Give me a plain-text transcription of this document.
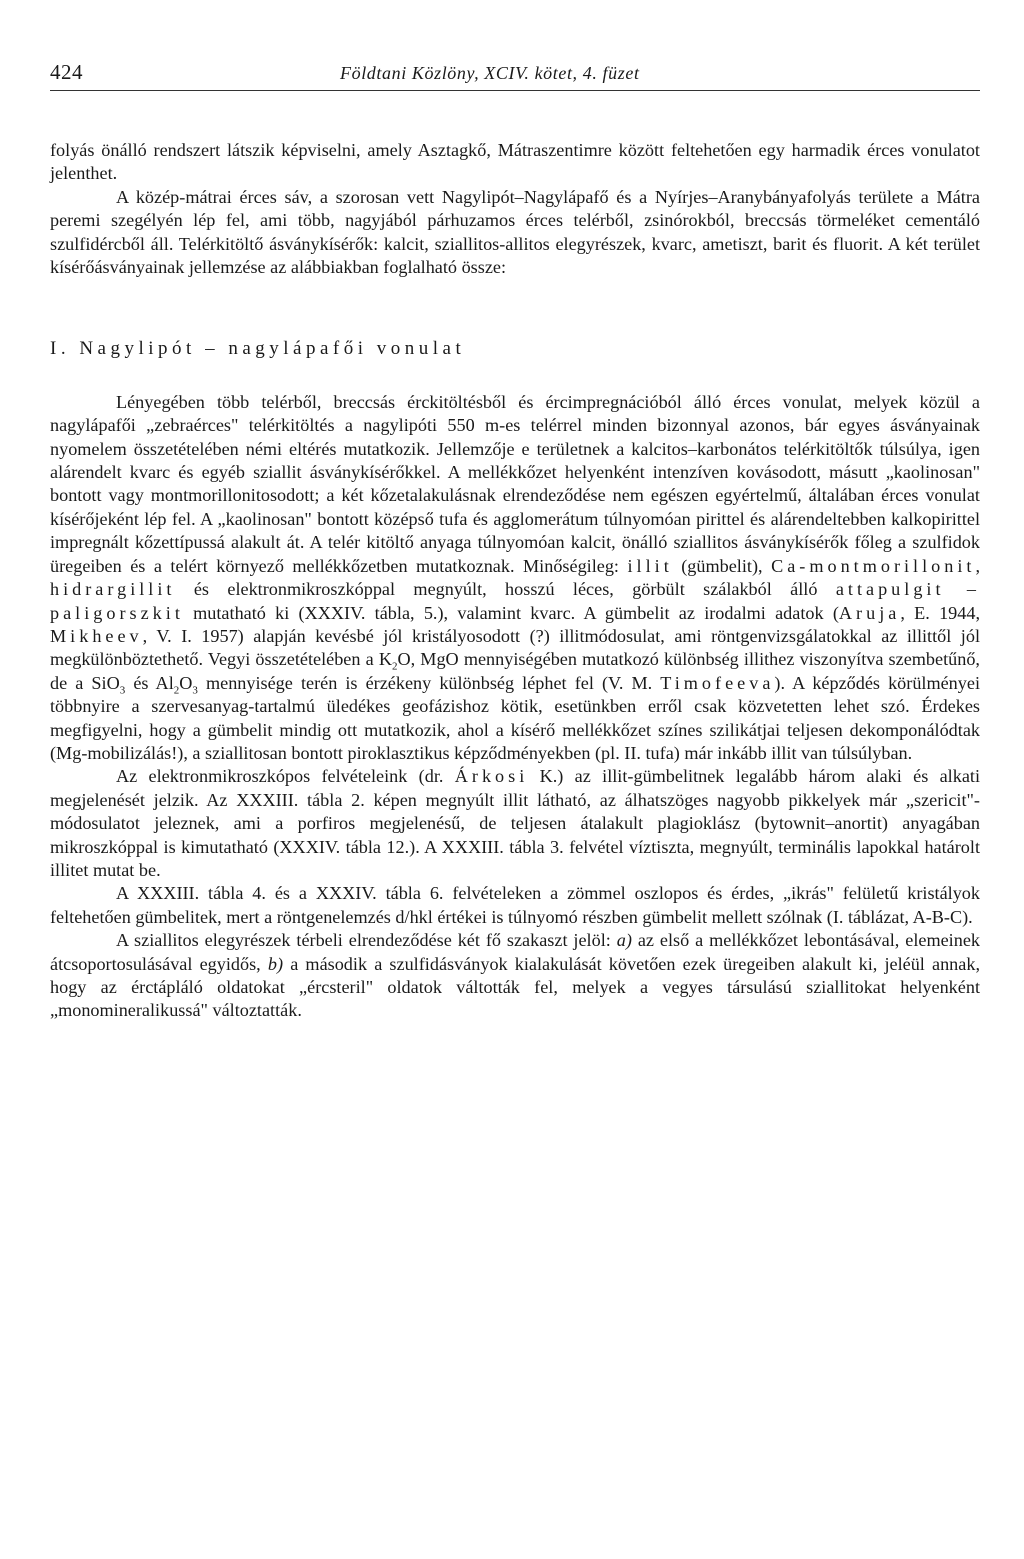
424	Földtani Közlöny, XCIV. kötet, 4. füzet

folyás önálló rendszert látszik képviselni, amely Asztagkő, Mátraszentimre között feltehetően egy harmadik érces vonulatot jelenthet.

A közép-mátrai érces sáv, a szorosan vett Nagylipót–Nagylápafő és a Nyírjes–Aranybányafolyás területe a Mátra peremi szegélyén lép fel, ami több, nagyjából párhuzamos érces telérből, zsinórokból, breccsás törmeléket cementáló szulfidércből áll. Telérkitöltő ásványkísérők: kalcit, sziallitos-allitos elegyrészek, kvarc, ametiszt, barit és fluorit. A két terület kísérőásványainak jellemzése az alábbiakban foglalható össze:

I. Nagylipót – nagylápafői vonulat

Lényegében több telérből, breccsás érckitöltésből és ércimpregnációból álló érces vonulat, melyek közül a nagylápafői „zebraérces" telérkitöltés a nagylipóti 550 m-es telérrel minden bizonnyal azonos, bár egyes ásványainak nyomelem összetételében némi eltérés mutatkozik. Jellemzője e területnek a kalcitos–karbonátos telérkitöltők túlsúlya, igen alárendelt kvarc és egyéb sziallit ásványkísérőkkel. A mellékkőzet helyenként intenzíven kovásodott, másutt „kaolinosan" bontott vagy montmorillonitosodott; a két kőzetalakulásnak elrendeződése nem egészen egyértelmű, általában érces vonulat kísérőjeként lép fel. A „kaolinosan" bontott középső tufa és agglomerátum túlnyomóan pirittel és alárendeltebben kalkopirittel impregnált kőzettípussá alakult át. A telér kitöltő anyaga túlnyomóan kalcit, önálló sziallitos ásványkísérők főleg a szulfidok üregeiben és a telért környező mellékkőzetben mutatkoznak. Minőségileg: illit (gümbelit), Ca-montmorillonit, hidrargillit és elektronmikroszkóppal megnyúlt, hosszú léces, görbült szálakból álló attapulgit – paligorszkit mutatható ki (XXXIV. tábla, 5.), valamint kvarc. A gümbelit az irodalmi adatok (Aruja, E. 1944, Mikheev, V. I. 1957) alapján kevésbé jól kristályosodott (?) illitmódosulat, ami röntgenvizsgálatokkal az illittől jól megkülönböztethető. Vegyi összetételében a $K_2O$, MgO mennyiségében mutatkozó különbség illithez viszonyítva szembetűnő, de a SiO$_3$ és $Al_2O_3$ mennyisége terén is érzékeny különbség léphet fel (V. M. Timofeeva). A képződés körülményei többnyire a szervesanyag-tartalmú üledékes geofázishoz kötik, esetünkben erről csak közvetetten lehet szó. Érdekes megfigyelni, hogy a gümbelit mindig ott mutatkozik, ahol a kísérő mellékkőzet színes szilikátjai teljesen dekomponálódtak (Mg-mobilizálás!), a sziallitosan bontott piroklasztikus képződményekben (pl. II. tufa) már inkább illit van túlsúlyban.

Az elektronmikroszkópos felvételeink (dr. Árkosi K.) az illit-gümbelitnek legalább három alaki és alkati megjelenését jelzik. Az XXXIII. tábla 2. képen megnyúlt illit látható, az álhatszöges nagyobb pikkelyek már „szericit"-módosulatot jeleznek, ami a porfiros megjelenésű, de teljesen átalakult plagioklász (bytownit–anortit) anyagában mikroszkóppal is kimutatható (XXXIV. tábla 12.). A XXXIII. tábla 3. felvétel víztiszta, megnyúlt, terminális lapokkal határolt illitet mutat be.

A XXXIII. tábla 4. és a XXXIV. tábla 6. felvételeken a zömmel oszlopos és érdes, „ikrás" felületű kristályok feltehetően gümbelitek, mert a röntgenelemzés d/hkl értékei is túlnyomó részben gümbelit mellett szólnak (I. táblázat, A-B-C).

A sziallitos elegyrészek térbeli elrendeződése két fő szakaszt jelöl: a) az első a mellékkőzet lebontásával, elemeinek átcsoportosulásával egyidős, b) a második a szulfidásványok kialakulását követően ezek üregeiben alakult ki, jeléül annak, hogy az érctápláló oldatokat „ércsteril" oldatok váltották fel, melyek a vegyes társulású sziallitokat helyenként „monomineralikussá" változtatták.
